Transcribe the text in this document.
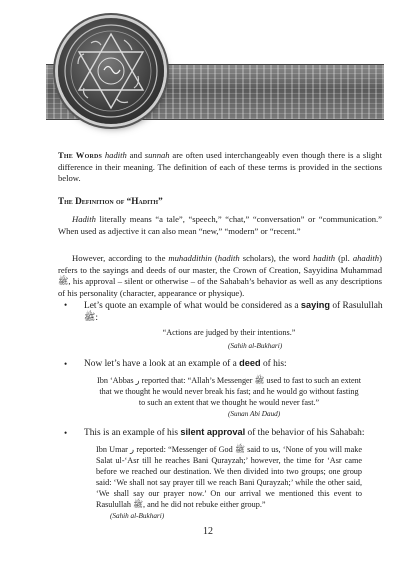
The Words hadith and sunnah are often used interchangeably even though there is a slight difference in their meaning. The definition of each of these terms is provided in the sections below.

The Definition of “Hadith”

Hadith literally means “a tale”, “speech,” “chat,” “conversation” or “communication.” When used as adjective it can also mean “new,” “modern” or “recent.”

However, according to the muhaddithin (hadith scholars), the word hadith (pl. ahadith) refers to the sayings and deeds of our master, the Crown of Creation, Sayyidina Muhammad ﷺ, his approval – silent or otherwise – of the Sahabah’s behavior as well as any descriptions of his personality (character, appearance or physique).

• Let’s quote an example of what would be considered as a saying of Rasulullah ﷺ:
“Actions are judged by their intentions.”
(Sahih al-Bukhari)
• Now let’s have a look at an example of a deed of his:
Ibn ‘Abbas ر reported that: “Allah’s Messenger ﷺ used to fast to such an extent that we thought he would never break his fast; and he would go without fasting to such an extent that we thought he would never fast.”
(Sunan Abi Daud)
• This is an example of his silent approval of the behavior of his Sahabah:
Ibn Umar ر reported: “Messenger of God ﷺ said to us, ‘None of you will make Salat ul-‘Asr till he reaches Bani Qurayzah;’ however, the time for ‘Asr came before we reached our destination. We then divided into two groups; one group said: ‘We shall not say prayer till we reach Bani Qurayzah;’ while the other said, ‘We shall say our prayer now.’ On our arrival we mentioned this event to Rasulullah ﷺ, and he did not rebuke either group.”
(Sahih al-Bukhari)
12
